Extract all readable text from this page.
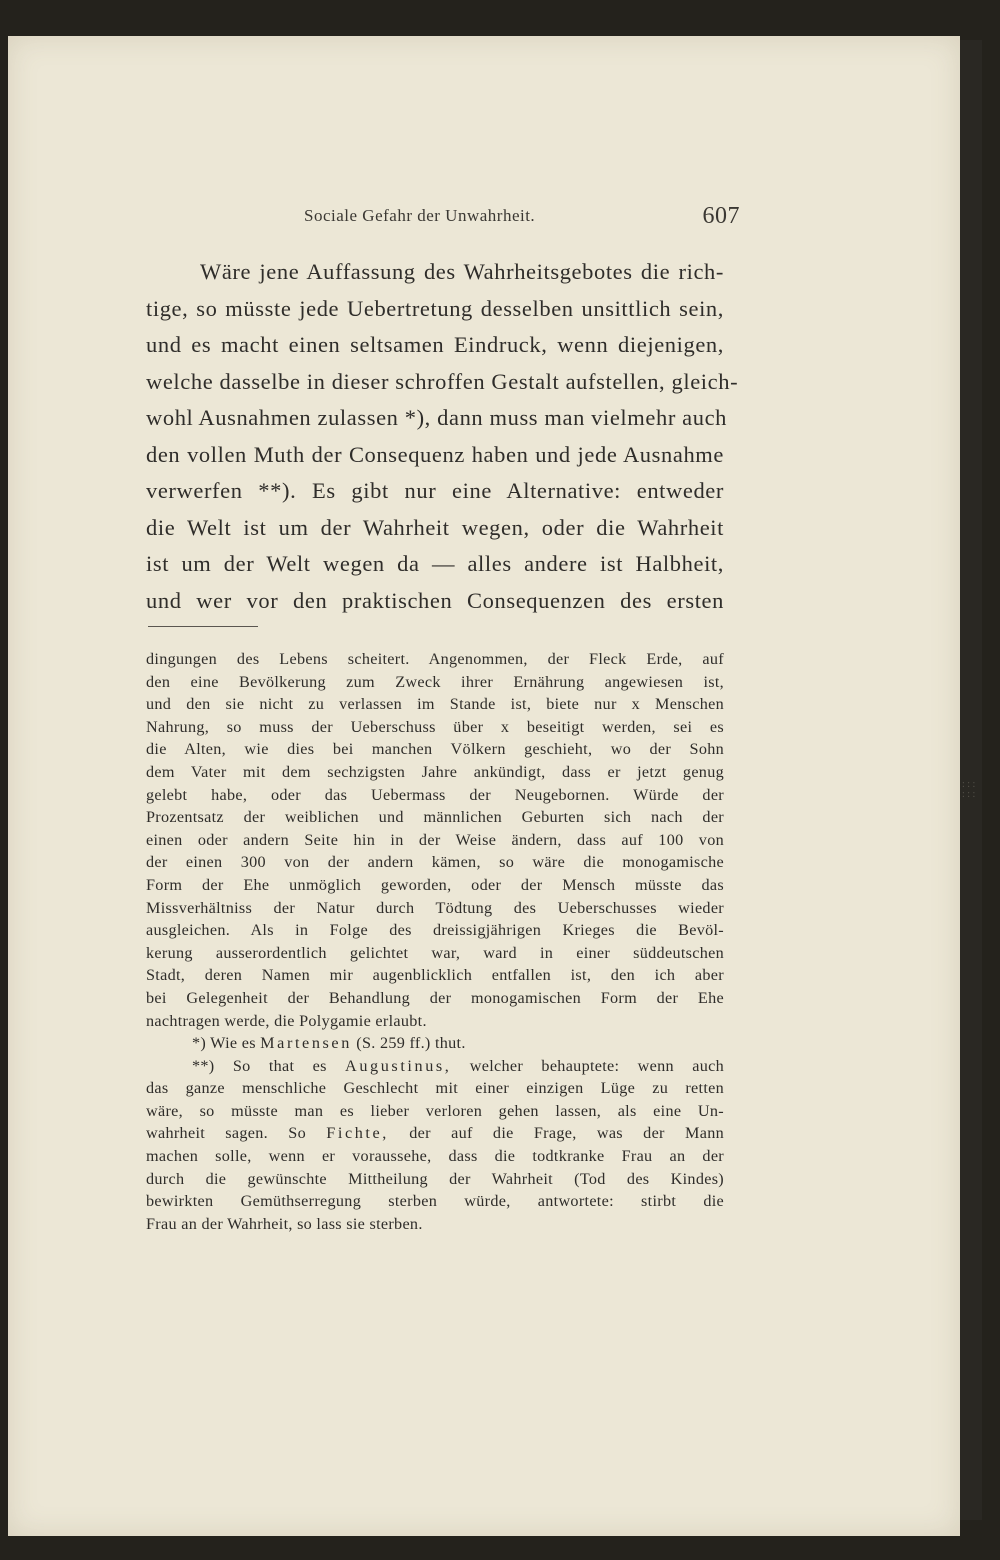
: : :
: : :
Sociale Gefahr der Unwahrheit.	607
Wäre jene Auffassung des Wahrheitsgebotes die rich-
tige, so müsste jede Uebertretung desselben unsittlich sein,
und es macht einen seltsamen Eindruck, wenn diejenigen,
welche dasselbe in dieser schroffen Gestalt aufstellen, gleich-
wohl Ausnahmen zulassen *), dann muss man vielmehr auch
den vollen Muth der Consequenz haben und jede Ausnahme
verwerfen **). Es gibt nur eine Alternative: entweder
die Welt ist um der Wahrheit wegen, oder die Wahrheit
ist um der Welt wegen da — alles andere ist Halbheit,
und wer vor den praktischen Consequenzen des ersten
dingungen des Lebens scheitert. Angenommen, der Fleck Erde, auf
den eine Bevölkerung zum Zweck ihrer Ernährung angewiesen ist,
und den sie nicht zu verlassen im Stande ist, biete nur x Menschen
Nahrung, so muss der Ueberschuss über x beseitigt werden, sei es
die Alten, wie dies bei manchen Völkern geschieht, wo der Sohn
dem Vater mit dem sechzigsten Jahre ankündigt, dass er jetzt genug
gelebt habe, oder das Uebermass der Neugebornen. Würde der
Prozentsatz der weiblichen und männlichen Geburten sich nach der
einen oder andern Seite hin in der Weise ändern, dass auf 100 von
der einen 300 von der andern kämen, so wäre die monogamische
Form der Ehe unmöglich geworden, oder der Mensch müsste das
Missverhältniss der Natur durch Tödtung des Ueberschusses wieder
ausgleichen. Als in Folge des dreissigjährigen Krieges die Bevöl-
kerung ausserordentlich gelichtet war, ward in einer süddeutschen
Stadt, deren Namen mir augenblicklich entfallen ist, den ich aber
bei Gelegenheit der Behandlung der monogamischen Form der Ehe
nachtragen werde, die Polygamie erlaubt.
*) Wie es Martensen (S. 259 ff.) thut.
**) So that es Augustinus, welcher behauptete: wenn auch
das ganze menschliche Geschlecht mit einer einzigen Lüge zu retten
wäre, so müsste man es lieber verloren gehen lassen, als eine Un-
wahrheit sagen. So Fichte, der auf die Frage, was der Mann
machen solle, wenn er voraussehe, dass die todtkranke Frau an der
durch die gewünschte Mittheilung der Wahrheit (Tod des Kindes)
bewirkten Gemüthserregung sterben würde, antwortete: stirbt die
Frau an der Wahrheit, so lass sie sterben.
